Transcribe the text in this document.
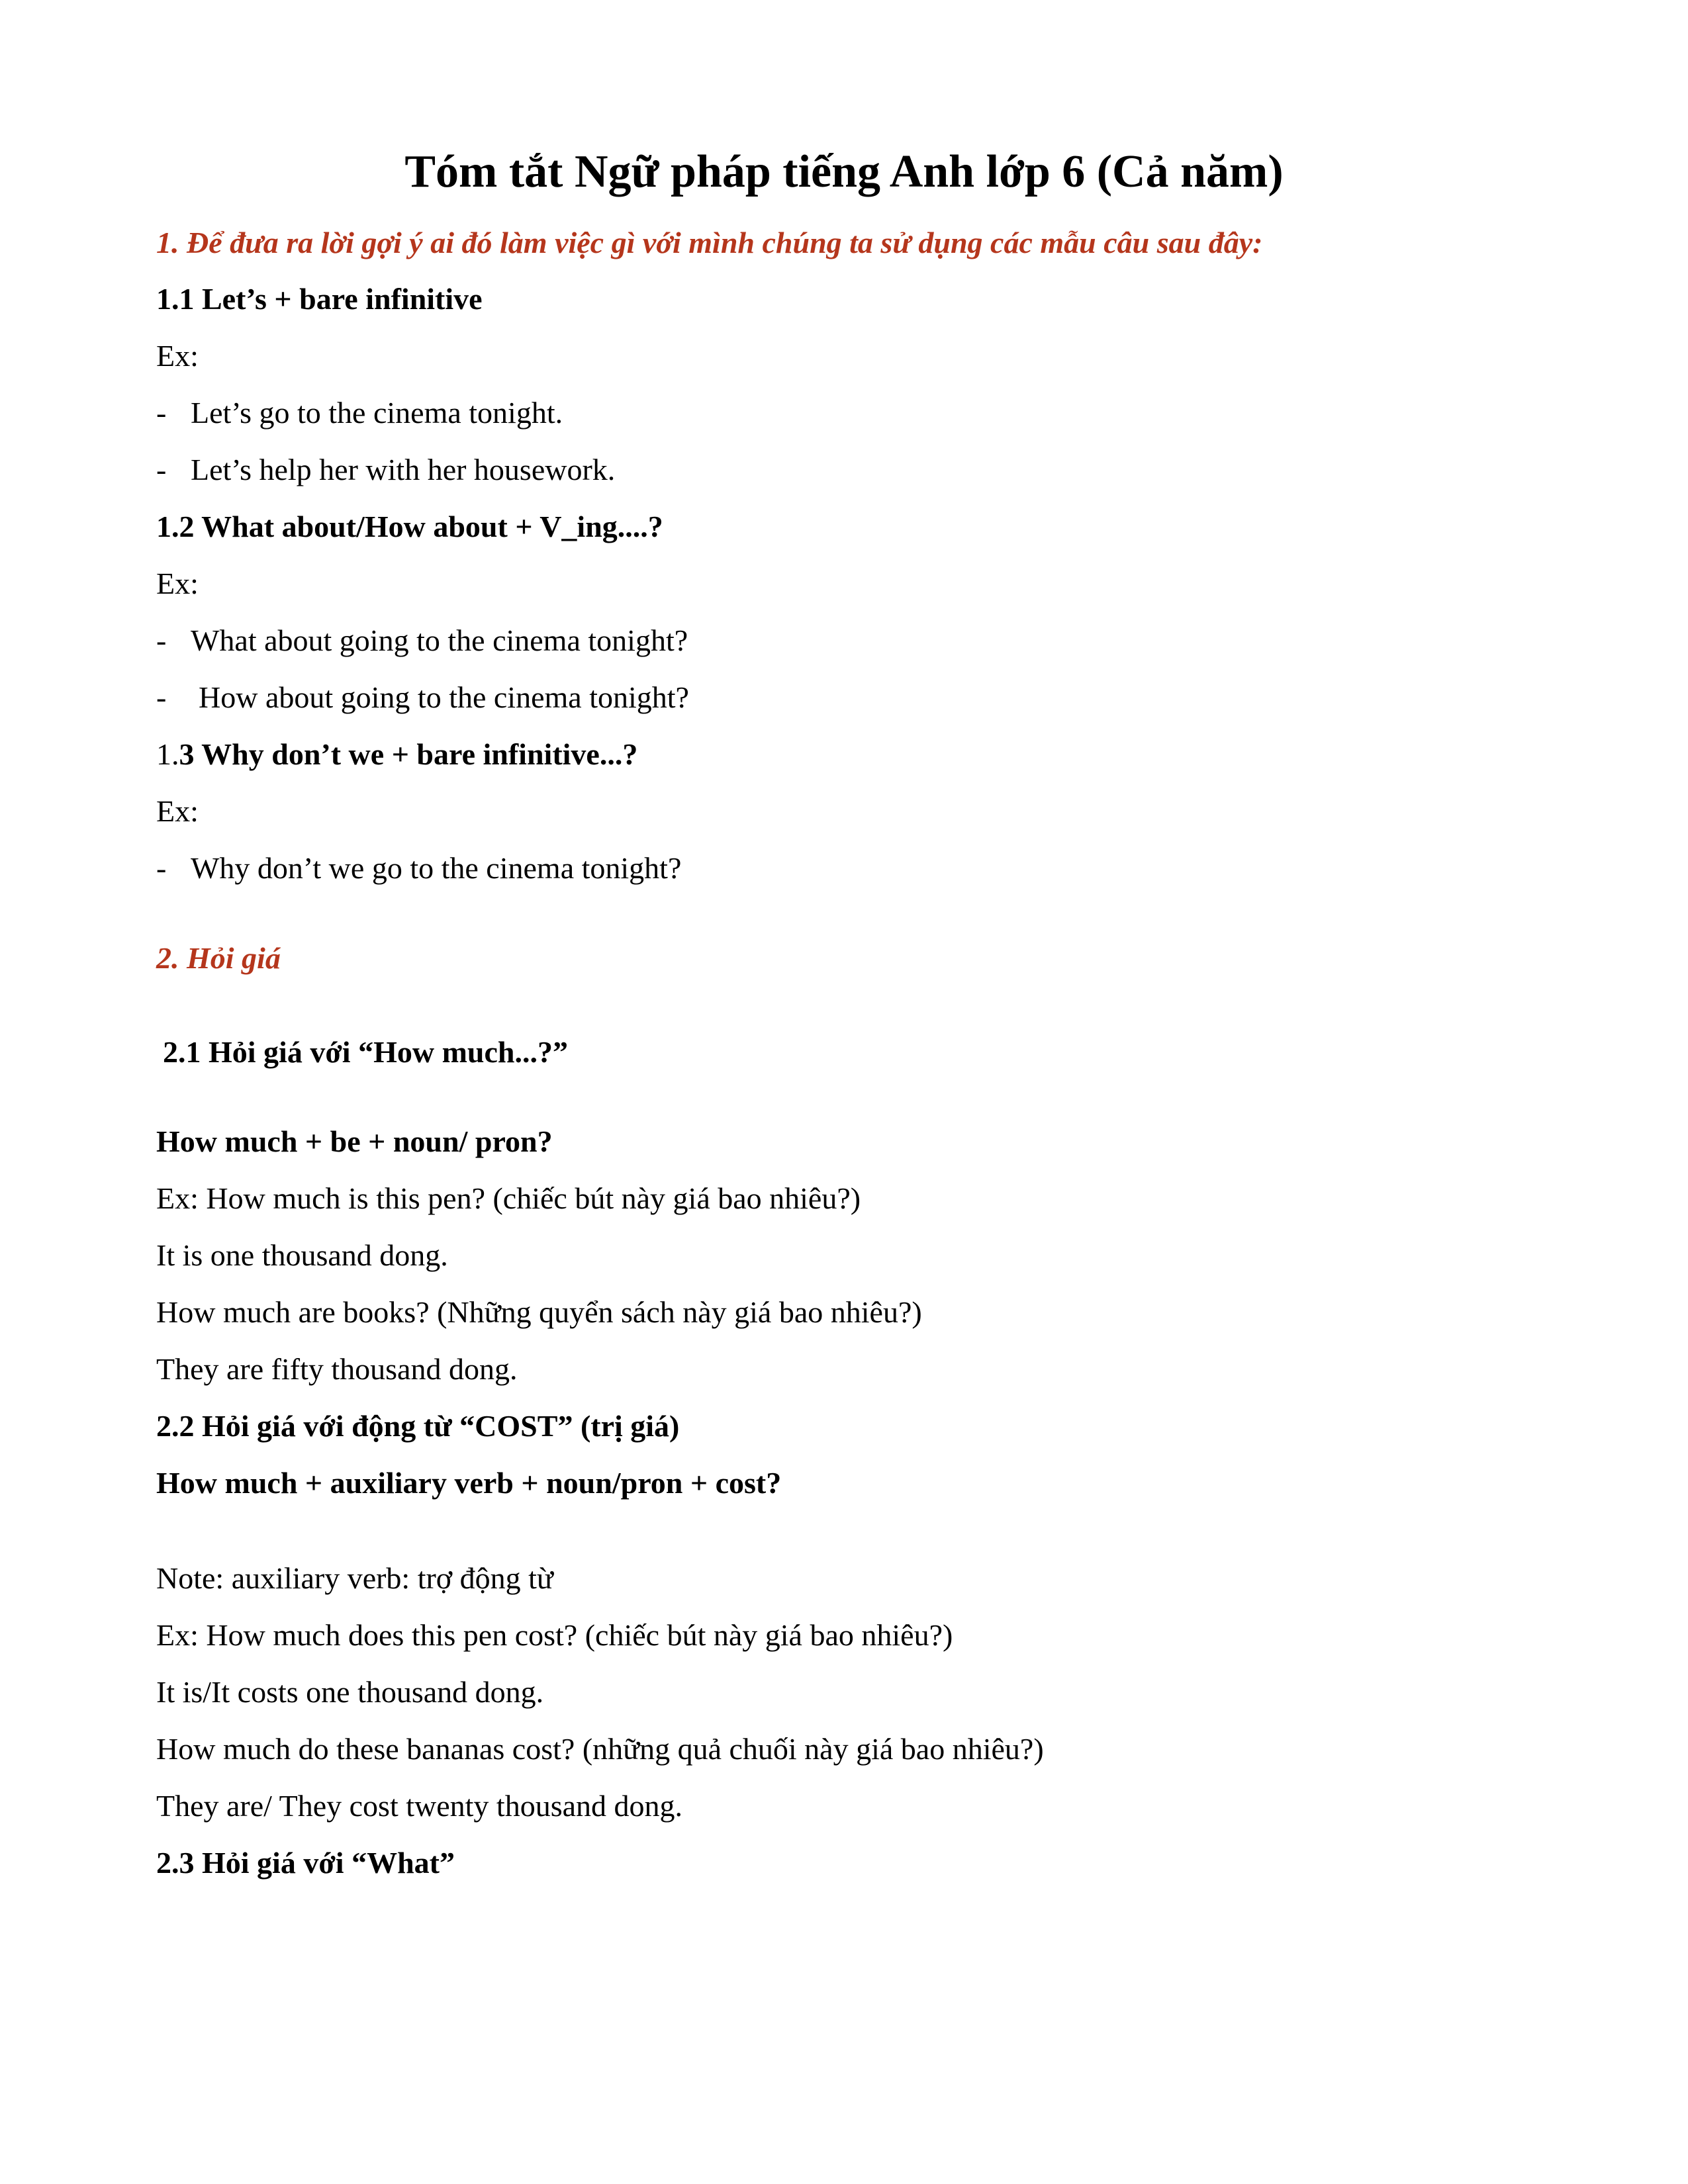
Tóm tắt Ngữ pháp tiếng Anh lớp 6 (Cả năm)
1. Để đưa ra lời gợi ý ai đó làm việc gì với mình chúng ta sử dụng các mẫu câu sau đây:
1.1 Let’s + bare infinitive
Ex:
- Let’s go to the cinema tonight.
- Let’s help her with her housework.
1.2 What about/How about + V_ing....?
Ex:
- What about going to the cinema tonight?
- How about going to the cinema tonight?
1.3 Why don’t we + bare infinitive...?
Ex:
- Why don’t we go to the cinema tonight?
2. Hỏi giá
2.1 Hỏi giá với “How much...?”
How much + be + noun/ pron?
Ex: How much is this pen? (chiếc bút này giá bao nhiêu?)
It is one thousand dong.
How much are books? (Những quyển sách này giá bao nhiêu?)
They are fifty thousand dong.
2.2 Hỏi giá với động từ “COST” (trị giá)
How much + auxiliary verb + noun/pron + cost?
Note: auxiliary verb: trợ động từ
Ex: How much does this pen cost? (chiếc bút này giá bao nhiêu?)
It is/It costs one thousand dong.
How much do these bananas cost? (những quả chuối này giá bao nhiêu?)
They are/ They cost twenty thousand dong.
2.3 Hỏi giá với “What”
